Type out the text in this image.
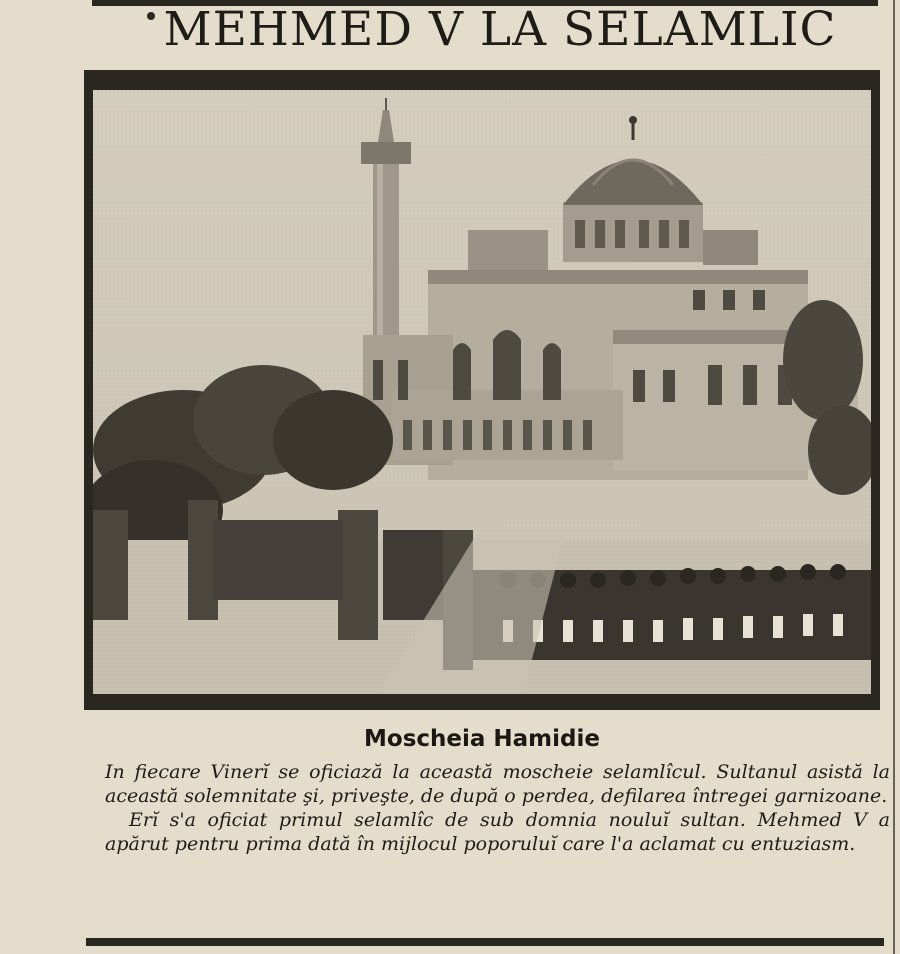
MEHMED V LA SELAMLIC
Moscheia Hamidie

In fiecare Vinerĭ se oficiază la această moscheie selamlîcul. Sultanul asistă la această solemnitate şi, priveşte, de după o perdea, defilarea întregei garnizoane.

Erĭ s'a oficiat primul selamlîc de sub domnia nouluĭ sultan. Mehmed V a apărut pentru prima dată în mijlocul poporuluĭ care l'a aclamat cu entuziasm.
